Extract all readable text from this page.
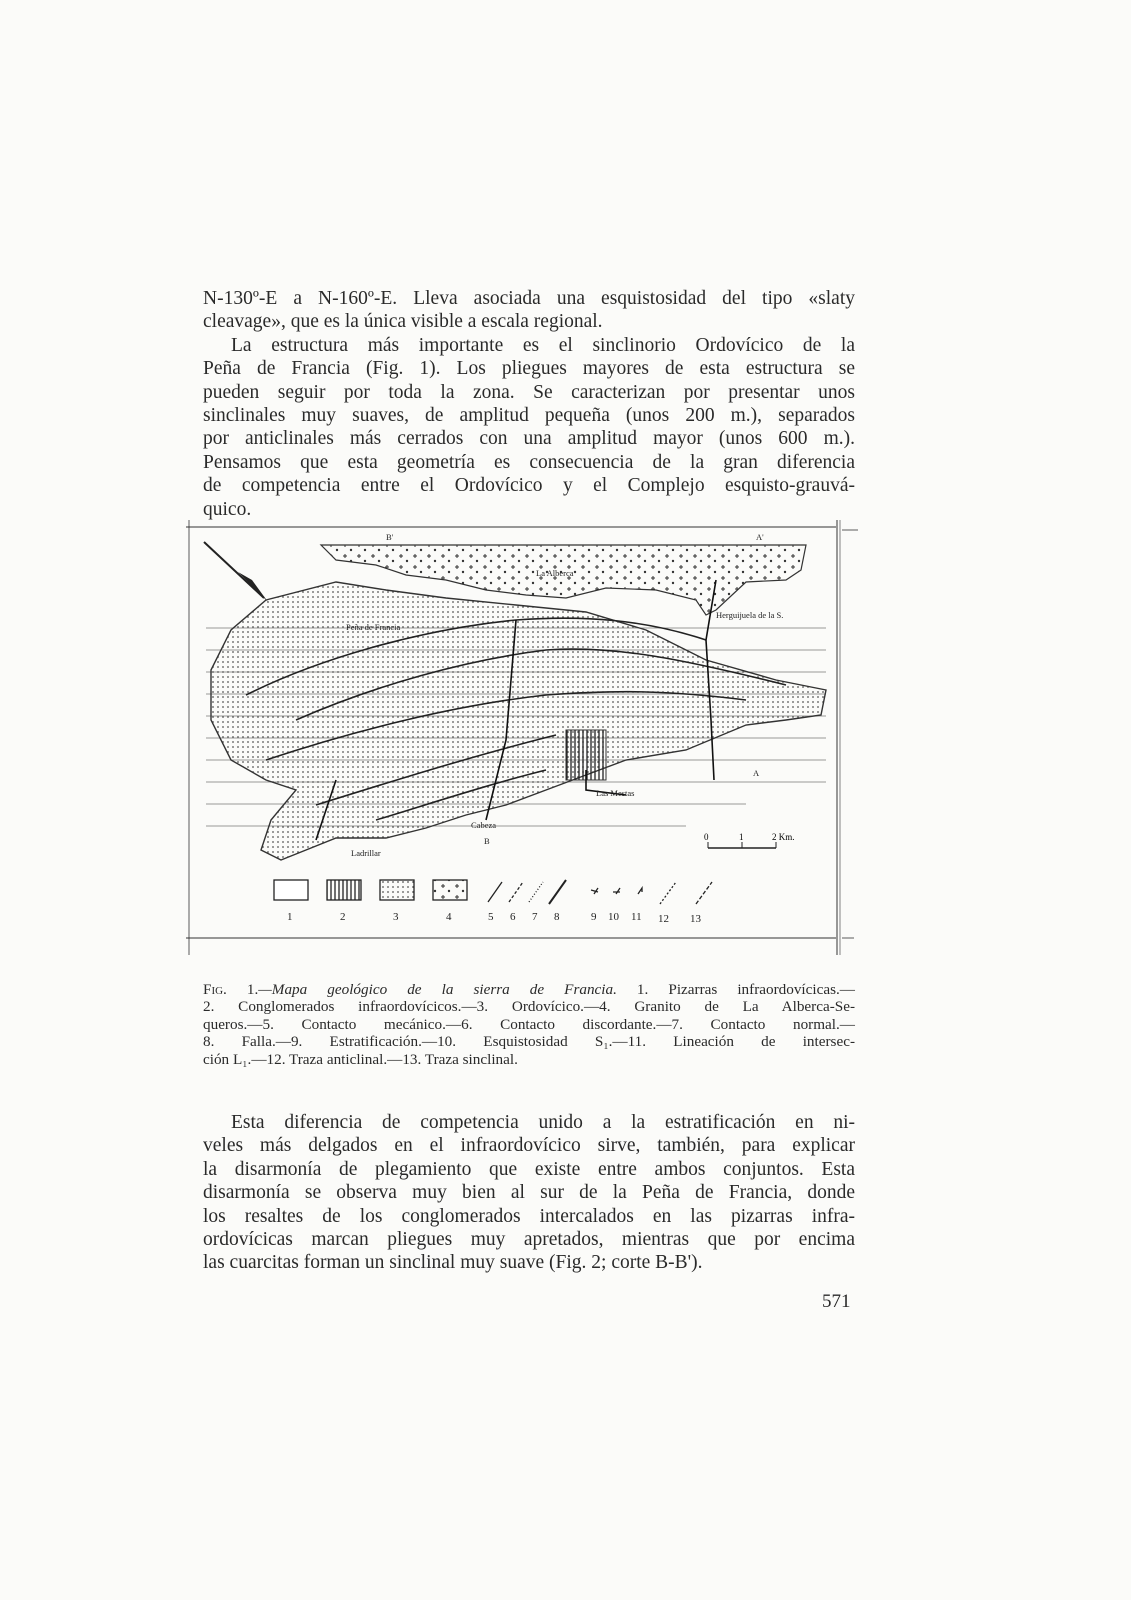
N-130º-E a N-160º-E. Lleva asociada una esquistosidad del tipo «slaty
cleavage», que es la única visible a escala regional.
La estructura más importante es el sinclinorio Ordovícico de la
Peña de Francia (Fig. 1). Los pliegues mayores de esta estructura se
pueden seguir por toda la zona. Se caracterizan por presentar unos
sinclinales muy suaves, de amplitud pequeña (unos 200 m.), separados
por anticlinales más cerrados con una amplitud mayor (unos 600 m.).
Pensamos que esta geometría es consecuencia de la gran diferencia
de competencia entre el Ordovícico y el Complejo esquisto-grauvá-
quico.
La Alberca
Herguijuela de la S.
Peña de Francia
Las Mestas
Cabeza
Ladrillar
B'
B
A
A'
0	1	2 Km.
1	2	3	4	5 6 7 8	9 10 11 12 13
Fig. 1.—Mapa geológico de la sierra de Francia. 1. Pizarras infraordovícicas.—
2. Conglomerados infraordovícicos.—3. Ordovícico.—4. Granito de La Alberca-Se-
queros.—5. Contacto mecánico.—6. Contacto discordante.—7. Contacto normal.—
8. Falla.—9. Estratificación.—10. Esquistosidad S₁.—11. Lineación de intersec-
ción L₁.—12. Traza anticlinal.—13. Traza sinclinal.
Esta diferencia de competencia unido a la estratificación en ni-
veles más delgados en el infraordovícico sirve, también, para explicar
la disarmonía de plegamiento que existe entre ambos conjuntos. Esta
disarmonía se observa muy bien al sur de la Peña de Francia, donde
los resaltes de los conglomerados intercalados en las pizarras infra-
ordovícicas marcan pliegues muy apretados, mientras que por encima
las cuarcitas forman un sinclinal muy suave (Fig. 2; corte B-B').
571
